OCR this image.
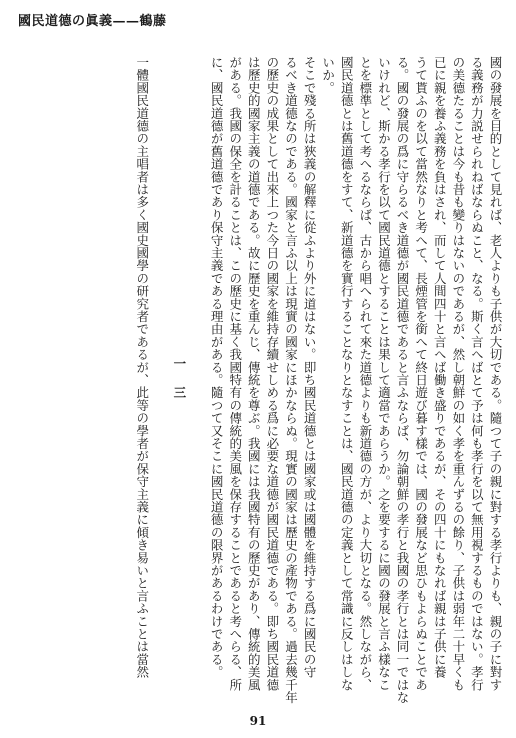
國民道德の眞義——鶴藤
國の發展を目的として見れば、老人よりも子供が大切である。隨つて子の親に對する孝行よりも、親の子に對す
る義務が力説せられねばならぬこと、なる。斯く言へばとて予は何も孝行を以て無用視するものではない。孝行
の美德たることは今も昔も變りはないのであるが、然し朝鮮の如く孝を重んずるの餘り、子供は弱年二十早くも
已に親を養ふ義務を負はされ、而して人間四十と言へば働き盛りであるが、その四十にもなれば親は子供に養
うて貰ふのを以て當然なりと考へて、長煙管を銜へて終日遊び暮す樣では、國の發展など思ひもよらぬことであ
る。國の發展の爲に守らるべき道德が國民道德であると言ふならば、勿論朝鮮の孝行と我國の孝行とは同一ではな
いけれど、斯かる孝行を以て國民道德とすることは果して適當であらうか。之を要するに國の發展と言ふ樣なこ
とを標準として考へるならば、古から唱へられて來た道德よりも新道德の方が、より大切となる。然しながら、
國民道德とは舊道德をすて、新道德を實行することなりとなすことは、國民道德の定義として常識に反しはしな
いか。
そこで殘る所は狹義の解釋に從ふより外に道はない。即ち國民道德とは國家或は國體を維持する爲に國民の守
るべき道德なのである。國家と言ふ以上は現實の國家にほかならぬ。現實の國家は歷史の產物である。過去幾千年
の歷史の成果として出來上つた今日の國家を維持存續せしめる爲に必要な道德が國民道德である。即ち國民道德
は歷史的國家主義の道德である。故に歷史を重んじ、傳統を尊ぶ。我國には我國特有の歷史があり、傳統的美風
がある。我國の保全を計ることは、この歷史に基く我國特有の傳統的美風を保存することであると考へらる、所
に、國民道德が舊道德であり保守主義である理由がある。隨つて又そこに國民道德の限界があるわけである。
一 三
一體國民道德の主唱者は多く國史國學の研究者であるが、此等の學者が保守主義に傾き易いと言ふことは當然
91
